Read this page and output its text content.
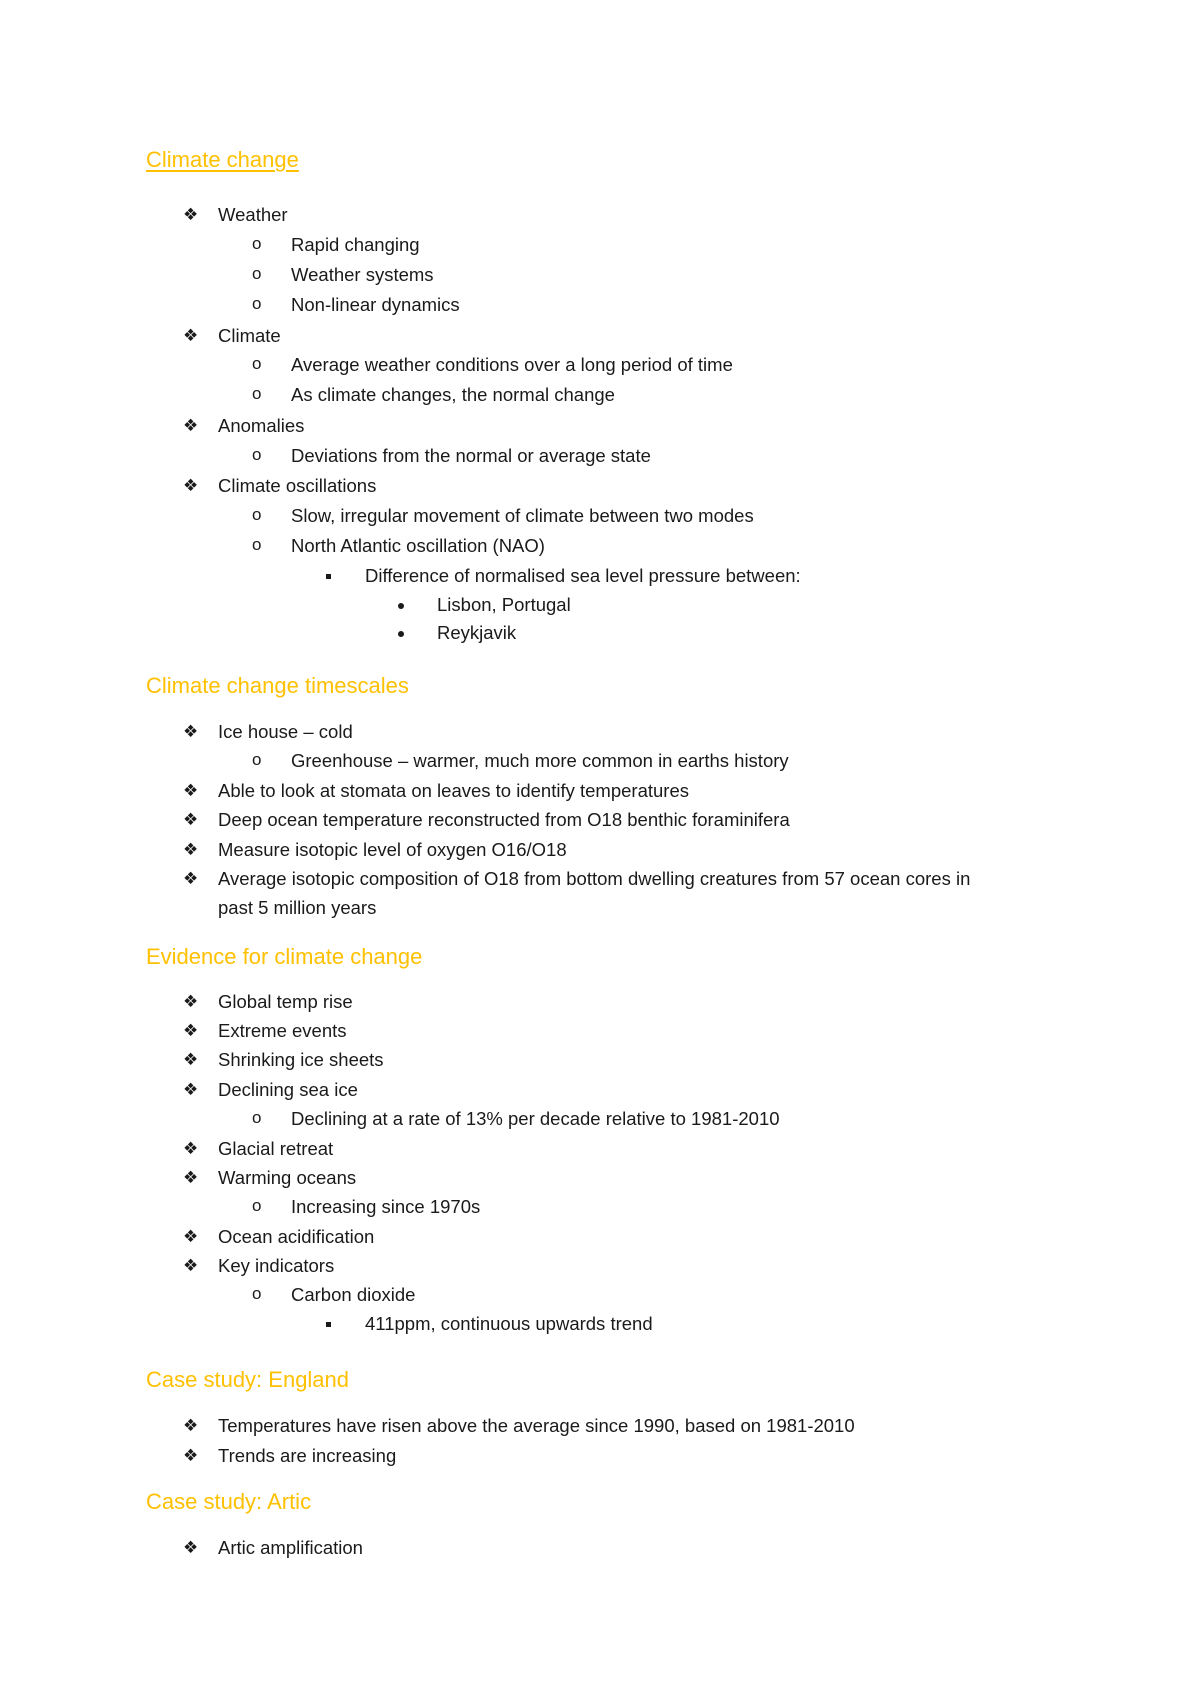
Climate change
❖ Weather
o Rapid changing
o Weather systems
o Non-linear dynamics
❖ Climate
o Average weather conditions over a long period of time
o As climate changes, the normal change
❖ Anomalies
o Deviations from the normal or average state
❖ Climate oscillations
o Slow, irregular movement of climate between two modes
o North Atlantic oscillation (NAO)
Difference of normalised sea level pressure between:
Lisbon, Portugal
Reykjavik
Climate change timescales
❖ Ice house – cold
o Greenhouse – warmer, much more common in earths history
❖ Able to look at stomata on leaves to identify temperatures
❖ Deep ocean temperature reconstructed from O18 benthic foraminifera
❖ Measure isotopic level of oxygen O16/O18
❖ Average isotopic composition of O18 from bottom dwelling creatures from 57 ocean cores in
past 5 million years
Evidence for climate change
❖ Global temp rise
❖ Extreme events
❖ Shrinking ice sheets
❖ Declining sea ice
o Declining at a rate of 13% per decade relative to 1981-2010
❖ Glacial retreat
❖ Warming oceans
o Increasing since 1970s
❖ Ocean acidification
❖ Key indicators
o Carbon dioxide
411ppm, continuous upwards trend
Case study: England
❖ Temperatures have risen above the average since 1990, based on 1981-2010
❖ Trends are increasing
Case study: Artic
❖ Artic amplification
